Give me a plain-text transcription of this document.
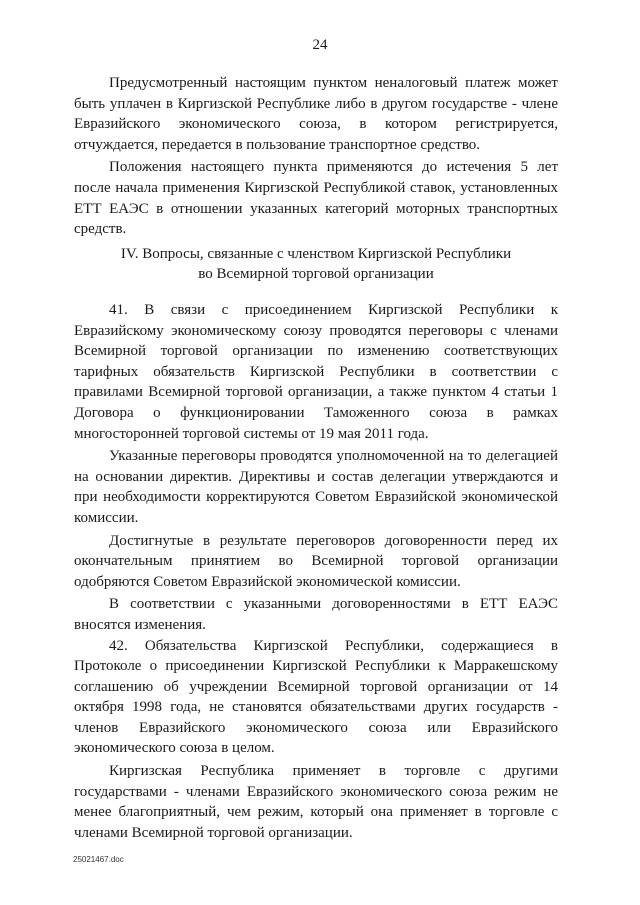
24

Предусмотренный настоящим пунктом неналоговый платеж может быть уплачен в Киргизской Республике либо в другом государстве - члене Евразийского экономического союза, в котором регистрируется, отчуждается, передается в пользование транспортное средство.

Положения настоящего пункта применяются до истечения 5 лет после начала применения Киргизской Республикой ставок, установленных ЕТТ ЕАЭС в отношении указанных категорий моторных транспортных средств.

IV. Вопросы, связанные с членством Киргизской Республики
во Всемирной торговой организации

41. В связи с присоединением Киргизской Республики к Евразийскому экономическому союзу проводятся переговоры с членами Всемирной торговой организации по изменению соответствующих тарифных обязательств Киргизской Республики в соответствии с правилами Всемирной торговой организации, а также пунктом 4 статьи 1 Договора о функционировании Таможенного союза в рамках многосторонней торговой системы от 19 мая 2011 года.

Указанные переговоры проводятся уполномоченной на то делегацией на основании директив. Директивы и состав делегации утверждаются и при необходимости корректируются Советом Евразийской экономической комиссии.

Достигнутые в результате переговоров договоренности перед их окончательным принятием во Всемирной торговой организации одобряются Советом Евразийской экономической комиссии.

В соответствии с указанными договоренностями в ЕТТ ЕАЭС вносятся изменения.

42. Обязательства Киргизской Республики, содержащиеся в Протоколе о присоединении Киргизской Республики к Марракешскому соглашению об учреждении Всемирной торговой организации от 14 октября 1998 года, не становятся обязательствами других государств - членов Евразийского экономического союза или Евразийского экономического союза в целом.

Киргизская Республика применяет в торговле с другими государствами - членами Евразийского экономического союза режим не менее благоприятный, чем режим, который она применяет в торговле с членами Всемирной торговой организации.

25021467.doc
